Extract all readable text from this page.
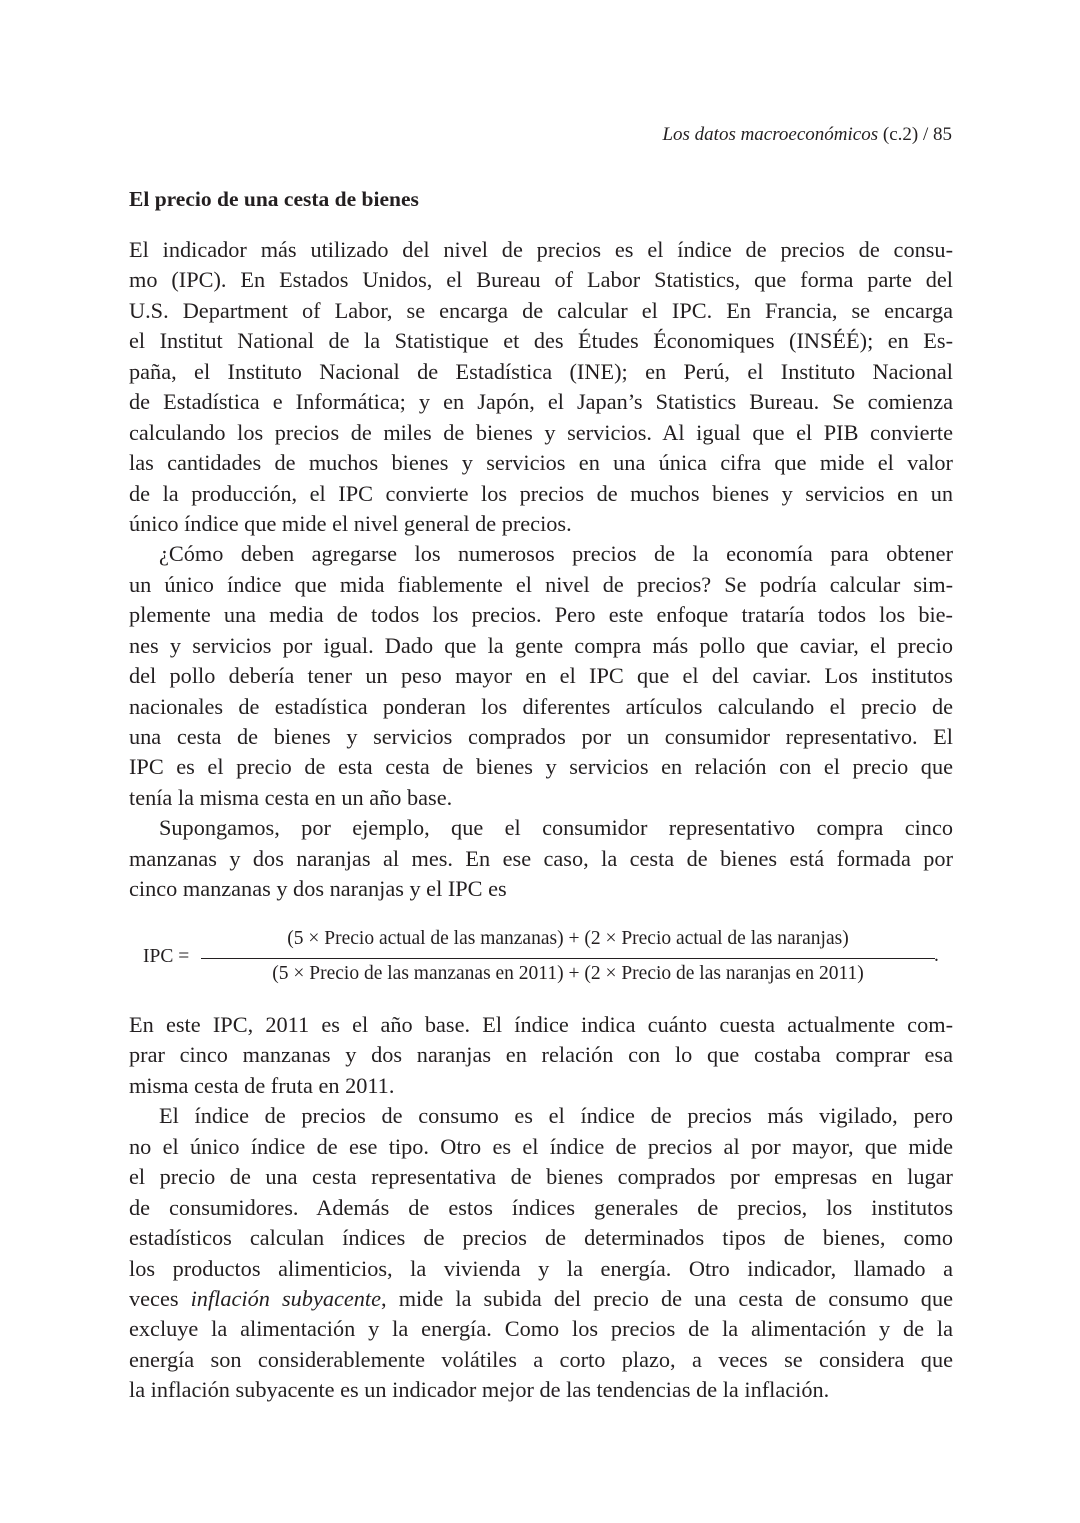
Los datos macroeconómicos (c.2) / 85
El precio de una cesta de bienes
El indicador más utilizado del nivel de precios es el índice de precios de consu-
mo (IPC). En Estados Unidos, el Bureau of Labor Statistics, que forma parte del
U.S. Department of Labor, se encarga de calcular el IPC. En Francia, se encarga
el Institut National de la Statistique et des Études Économiques (INSÉÉ); en Es-
paña, el Instituto Nacional de Estadística (INE); en Perú, el Instituto Nacional
de Estadística e Informática; y en Japón, el Japan’s Statistics Bureau. Se comienza
calculando los precios de miles de bienes y servicios. Al igual que el PIB convierte
las cantidades de muchos bienes y servicios en una única cifra que mide el valor
de la producción, el IPC convierte los precios de muchos bienes y servicios en un
único índice que mide el nivel general de precios.
¿Cómo deben agregarse los numerosos precios de la economía para obtener
un único índice que mida fiablemente el nivel de precios? Se podría calcular sim-
plemente una media de todos los precios. Pero este enfoque trataría todos los bie-
nes y servicios por igual. Dado que la gente compra más pollo que caviar, el precio
del pollo debería tener un peso mayor en el IPC que el del caviar. Los institutos
nacionales de estadística ponderan los diferentes artículos calculando el precio de
una cesta de bienes y servicios comprados por un consumidor representativo. El
IPC es el precio de esta cesta de bienes y servicios en relación con el precio que
tenía la misma cesta en un año base.
Supongamos, por ejemplo, que el consumidor representativo compra cinco
manzanas y dos naranjas al mes. En ese caso, la cesta de bienes está formada por
cinco manzanas y dos naranjas y el IPC es
IPC =
(5 × Precio actual de las manzanas) + (2 × Precio actual de las naranjas)
(5 × Precio de las manzanas en 2011) + (2 × Precio de las naranjas en 2011)
.
En este IPC, 2011 es el año base. El índice indica cuánto cuesta actualmente com-
prar cinco manzanas y dos naranjas en relación con lo que costaba comprar esa
misma cesta de fruta en 2011.
El índice de precios de consumo es el índice de precios más vigilado, pero
no el único índice de ese tipo. Otro es el índice de precios al por mayor, que mide
el precio de una cesta representativa de bienes comprados por empresas en lugar
de consumidores. Además de estos índices generales de precios, los institutos
estadísticos calculan índices de precios de determinados tipos de bienes, como
los productos alimenticios, la vivienda y la energía. Otro indicador, llamado a
veces inflación subyacente, mide la subida del precio de una cesta de consumo que
excluye la alimentación y la energía. Como los precios de la alimentación y de la
energía son considerablemente volátiles a corto plazo, a veces se considera que
la inflación subyacente es un indicador mejor de las tendencias de la inflación.
